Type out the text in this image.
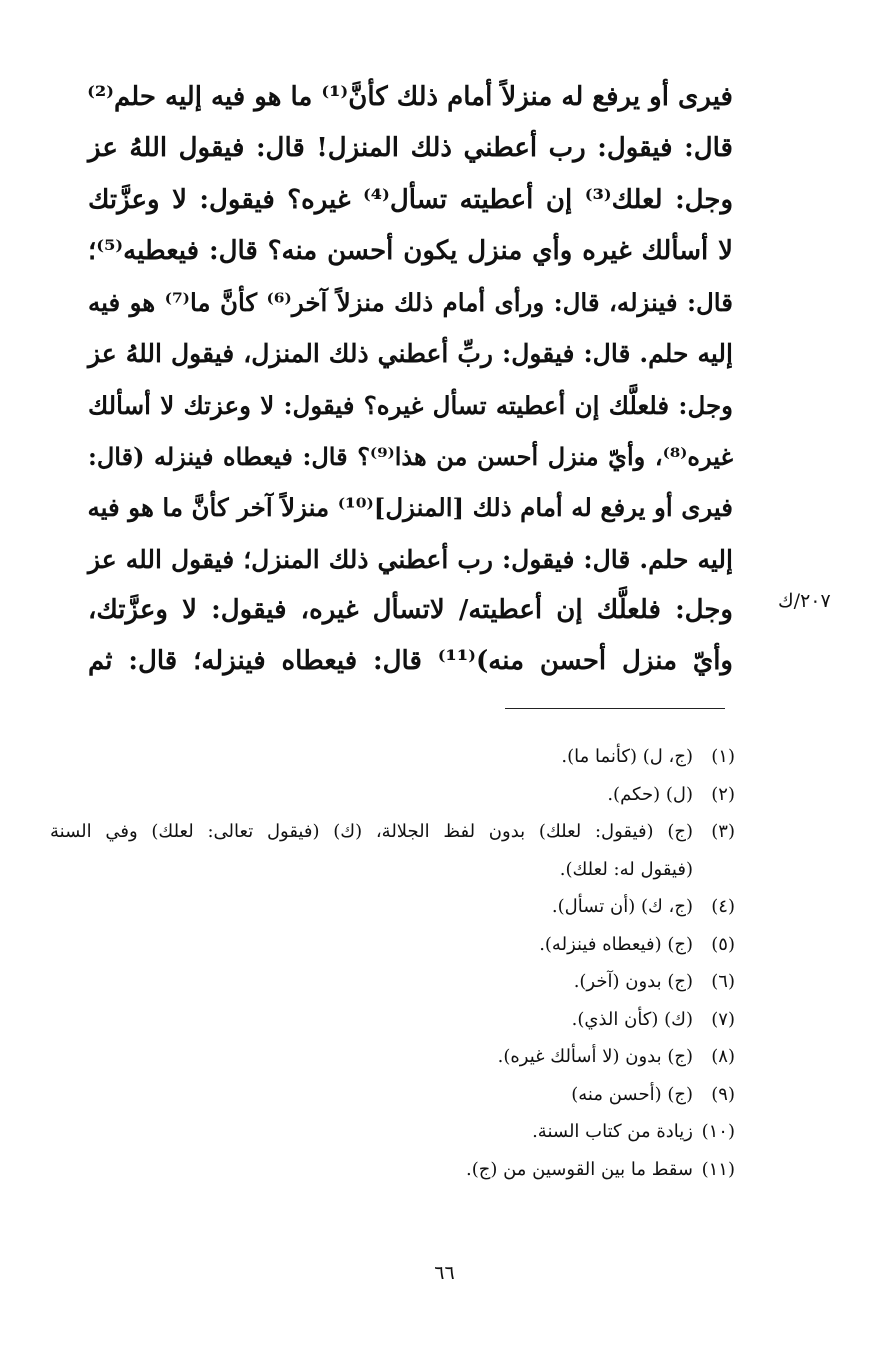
فيرى أو يرفع له منزلاً أمام ذلك كأنَّ⁽¹⁾ ما هو فيه إليه حلم⁽²⁾
قال: فيقول: رب أعطني ذلك المنزل! قال: فيقول اللهُ عز
وجل: لعلك⁽³⁾ إن أعطيته تسأل⁽⁴⁾ غيره؟ فيقول: لا وعزَّتك
لا أسألك غيره وأي منزل يكون أحسن منه؟ قال: فيعطيه⁽⁵⁾؛
قال: فينزله، قال: ورأى أمام ذلك منزلاً آخر⁽⁶⁾ كأنَّ ما⁽⁷⁾ هو فيه
إليه حلم. قال: فيقول: ربِّ أعطني ذلك المنزل، فيقول اللهُ عز
وجل: فلعلَّك إن أعطيته تسأل غيره؟ فيقول: لا وعزتك لا أسألك
غيره⁽⁸⁾، وأيّ منزل أحسن من هذا⁽⁹⁾؟ قال: فيعطاه فينزله (قال:
فيرى أو يرفع له أمام ذلك [المنزل]⁽¹⁰⁾ منزلاً آخر كأنَّ ما هو فيه
إليه حلم. قال: فيقول: رب أعطني ذلك المنزل؛ فيقول الله عز
وجل: فلعلَّك إن أعطيته/ لاتسأل غيره، فيقول: لا وعزَّتك،
وأيّ منزل أحسن منه)⁽¹¹⁾ قال: فيعطاه فينزله؛ قال: ثم
٢٠٧/ك
(١)
(ج، ل) (كأنما ما).
(٢)
(ل) (حكم).
(٣)
(ج) (فيقول: لعلك) بدون لفظ الجلالة، (ك) (فيقول تعالى: لعلك) وفي السنة
(فيقول له: لعلك).
(٤)
(ج، ك) (أن تسأل).
(٥)
(ج) (فيعطاه فينزله).
(٦)
(ج) بدون (آخر).
(٧)
(ك) (كأن الذي).
(٨)
(ج) بدون (لا أسألك غيره).
(٩)
(ج) (أحسن منه)
(١٠)
زيادة من كتاب السنة.
(١١)
سقط ما بين القوسين من (ج).
٦٦
